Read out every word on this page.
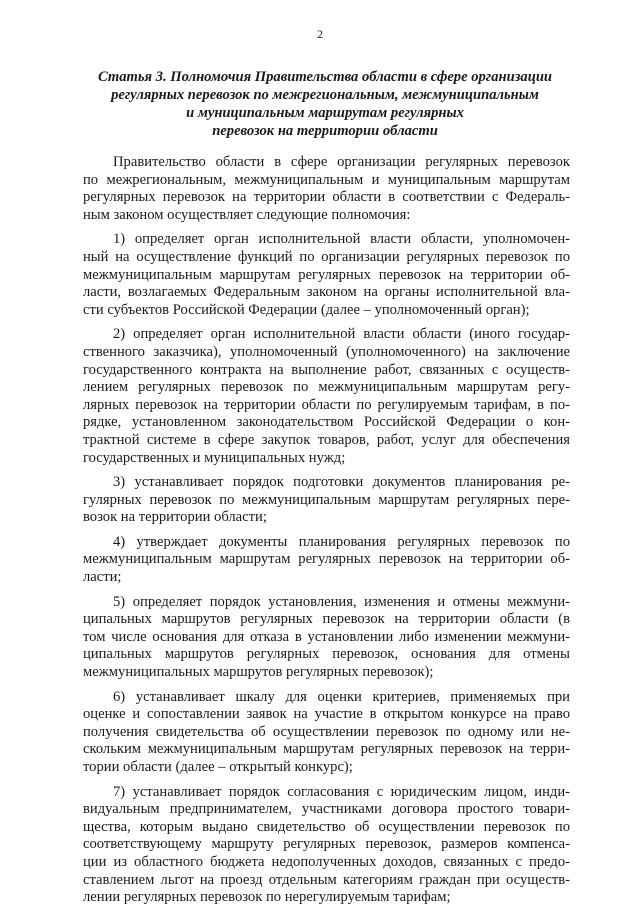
2
Статья 3. Полномочия Правительства области в сфере организации
регулярных перевозок по межрегиональным, межмуниципальным
и муниципальным маршрутам регулярных
перевозок на территории области
Правительство области в сфере организации регулярных перевозок
по межрегиональным, межмуниципальным и муниципальным маршрутам
регулярных перевозок на территории области в соответствии с Федераль-
ным законом осуществляет следующие полномочия:
1) определяет орган исполнительной власти области, уполномочен-
ный на осуществление функций по организации регулярных перевозок по
межмуниципальным маршрутам регулярных перевозок на территории об-
ласти, возлагаемых Федеральным законом на органы исполнительной вла-
сти субъектов Российской Федерации (далее – уполномоченный орган);
2) определяет орган исполнительной власти области (иного государ-
ственного заказчика), уполномоченный (уполномоченного) на заключение
государственного контракта на выполнение работ, связанных с осуществ-
лением регулярных перевозок по межмуниципальным маршрутам регу-
лярных перевозок на территории области по регулируемым тарифам, в по-
рядке, установленном законодательством Российской Федерации о кон-
трактной системе в сфере закупок товаров, работ, услуг для обеспечения
государственных и муниципальных нужд;
3) устанавливает порядок подготовки документов планирования ре-
гулярных перевозок по межмуниципальным маршрутам регулярных пере-
возок на территории области;
4) утверждает документы планирования регулярных перевозок по
межмуниципальным маршрутам регулярных перевозок на территории об-
ласти;
5) определяет порядок установления, изменения и отмены межмуни-
ципальных маршрутов регулярных перевозок на территории области (в
том числе основания для отказа в установлении либо изменении межмуни-
ципальных маршрутов регулярных перевозок, основания для отмены
межмуниципальных маршрутов регулярных перевозок);
6) устанавливает шкалу для оценки критериев, применяемых при
оценке и сопоставлении заявок на участие в открытом конкурсе на право
получения свидетельства об осуществлении перевозок по одному или не-
скольким межмуниципальным маршрутам регулярных перевозок на терри-
тории области (далее – открытый конкурс);
7) устанавливает порядок согласования с юридическим лицом, инди-
видуальным предпринимателем, участниками договора простого товари-
щества, которым выдано свидетельство об осуществлении перевозок по
соответствующему маршруту регулярных перевозок, размеров компенса-
ции из областного бюджета недополученных доходов, связанных с предо-
ставлением льгот на проезд отдельным категориям граждан при осуществ-
лении регулярных перевозок по нерегулируемым тарифам;
